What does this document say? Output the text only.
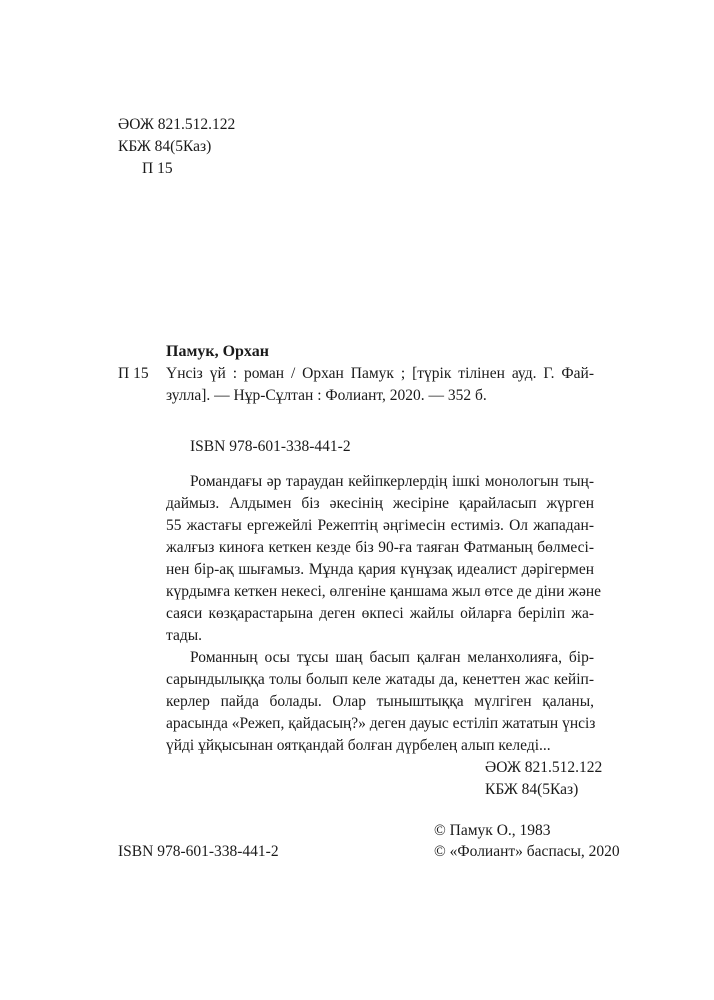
ӘОЖ 821.512.122
КБЖ 84(5Каз)
П 15
Памук, Орхан
П 15 Үнсіз үй : роман / Орхан Памук ; [түрік тілінен ауд. Г. Фай-
зулла]. — Нұр-Сұлтан : Фолиант, 2020. — 352 б.
ISBN 978-601-338-441-2
Романдағы әр тараудан кейіпкерлердің ішкі монологын тың-
даймыз. Алдымен біз әкесінің жесіріне қарайласып жүрген
55 жастағы ергежейлі Режептің әңгімесін естиміз. Ол жападан-
жалғыз киноға кеткен кезде біз 90-ға таяған Фатманың бөлмесі-
нен бір-ақ шығамыз. Мұнда қария күнұзақ идеалист дәрігермен
күрдымға кеткен некесі, өлгеніне қаншама жыл өтсе де діни және
саяси көзқарастарына деген өкпесі жайлы ойларға беріліп жа-
тады.
Романның осы тұсы шаң басып қалған меланхолияға, бір-
сарындылыққа толы болып келе жатады да, кенеттен жас кейіп-
керлер пайда болады. Олар тыныштыққа мүлгіген қаланы,
арасында «Режеп, қайдасың?» деген дауыс естіліп жататын үнсіз
үйді ұйқысынан оятқандай болған дүрбелең алып келеді...
ӘОЖ 821.512.122
КБЖ 84(5Каз)
© Памук О., 1983
ISBN 978-601-338-441-2	© «Фолиант» баспасы, 2020
